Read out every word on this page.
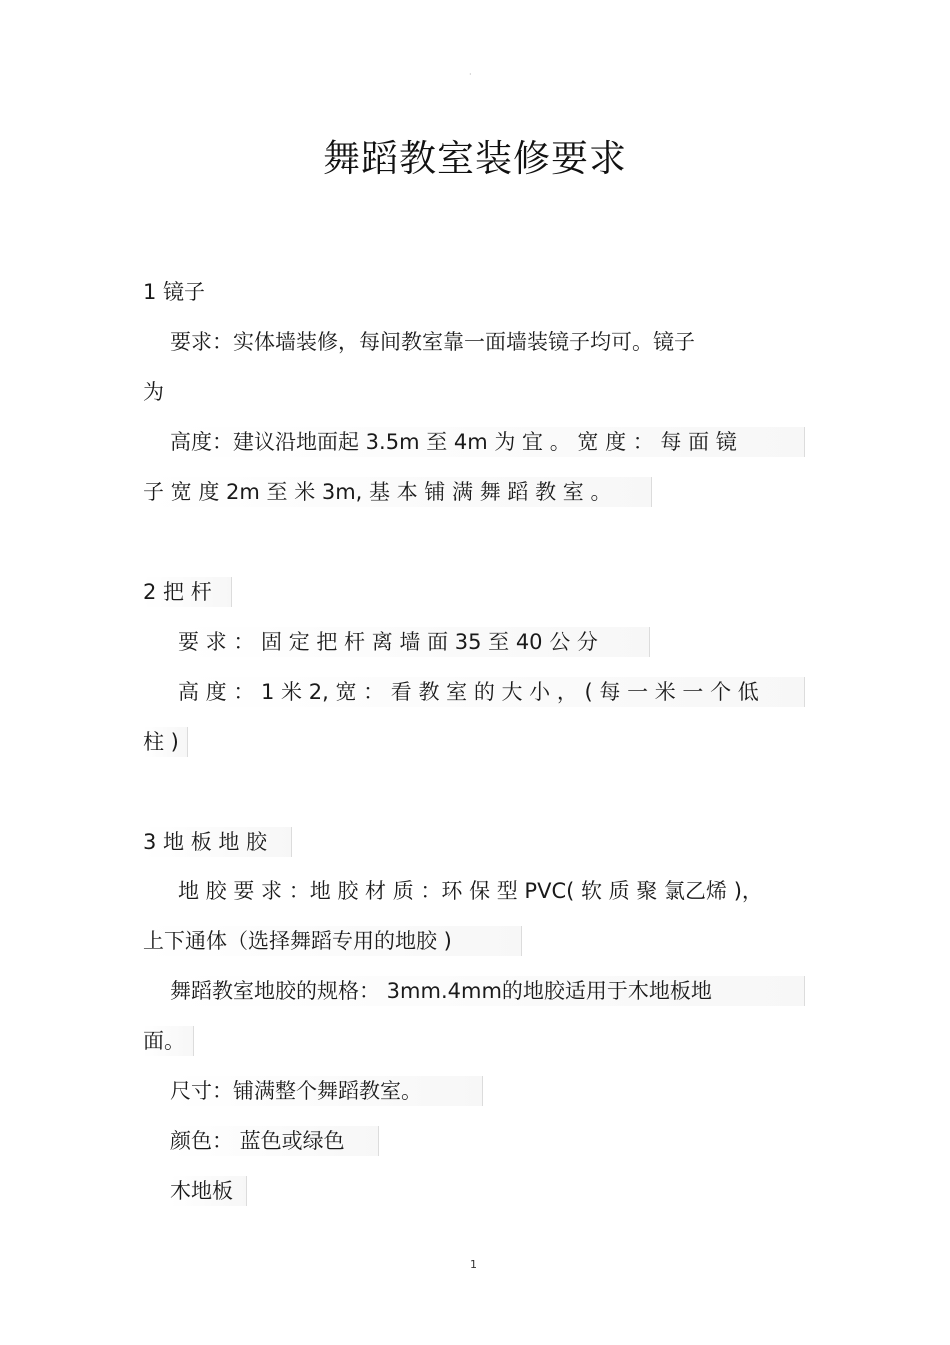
·
舞蹈教室装修要求
1 镜子
要求：实体墙装修，每间教室靠一面墙装镜子均可。镜子
为
高度：建议沿地面起 3.5m 至 4m 为 宜 。 宽 度 ： 每 面 镜
子 宽 度 2m 至 米 3m, 基 本 铺 满 舞 蹈 教 室 。
2 把 杆
要 求 ： 固 定 把 杆 离 墙 面 35 至 40 公 分
高 度 ： 1 米 2, 宽 ： 看 教 室 的 大 小 ， ( 每 一 米 一 个 低
柱 )
3 地 板 地 胶
地 胶 要 求 ：地 胶 材 质 ：环 保 型 PVC( 软 质 聚 氯乙烯 )，
上下通体（选择舞蹈专用的地胶 )
舞蹈教室地胶的规格： 3mm.4mm的地胶适用于木地板地
面。
尺寸：铺满整个舞蹈教室。
颜色： 蓝色或绿色
木地板
1
